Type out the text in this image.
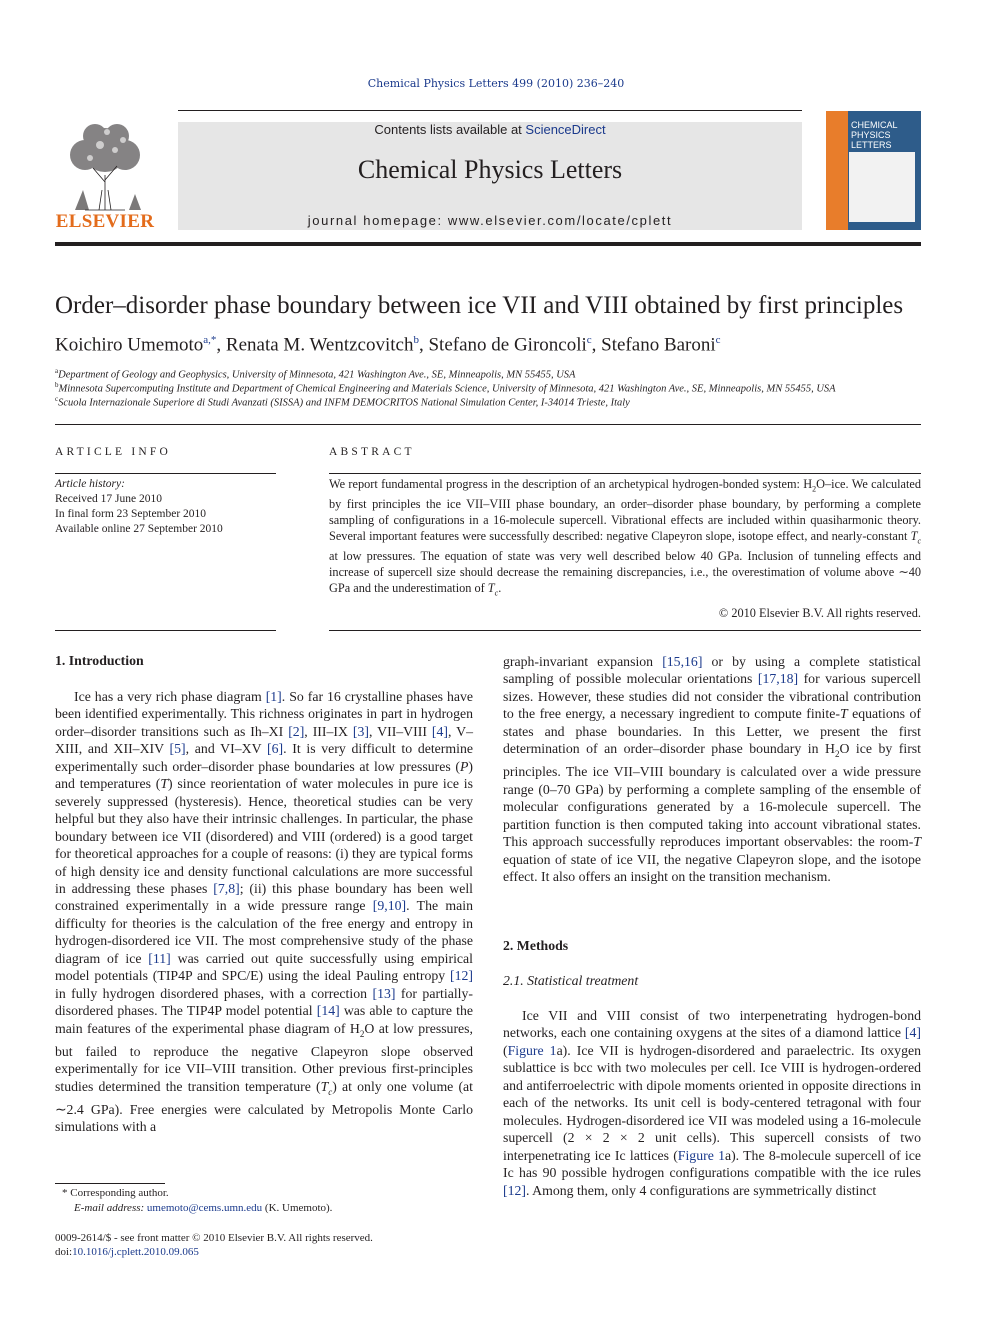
Chemical Physics Letters 499 (2010) 236–240
ELSEVIER
Contents lists available at ScienceDirect
Chemical Physics Letters
journal homepage: www.elsevier.com/locate/cplett
CHEMICAL
PHYSICS
LETTERS
Order–disorder phase boundary between ice VII and VIII obtained by first principles
Koichiro Umemoto$^{a,*}$, Renata M. Wentzcovitch$^b$, Stefano de Gironcoli$^c$, Stefano Baroni$^c$
$^a$Department of Geology and Geophysics, University of Minnesota, 421 Washington Ave., SE, Minneapolis, MN 55455, USA
$^b$Minnesota Supercomputing Institute and Department of Chemical Engineering and Materials Science, University of Minnesota, 421 Washington Ave., SE, Minneapolis, MN 55455, USA
$^c$Scuola Internazionale Superiore di Studi Avanzati (SISSA) and INFM DEMOCRITOS National Simulation Center, I-34014 Trieste, Italy
ARTICLE INFO
Article history:
Received 17 June 2010
In final form 23 September 2010
Available online 27 September 2010
ABSTRACT
We report fundamental progress in the description of an archetypical hydrogen-bonded system: $H_2O$–ice. We calculated by first principles the ice VII–VIII phase boundary, an order–disorder phase boundary, by performing a complete sampling of configurations in a 16-molecule supercell. Vibrational effects are included within quasiharmonic theory. Several important features were successfully described: negative Clapeyron slope, isotope effect, and nearly-constant $T_c$ at low pressures. The equation of state was very well described below 40 GPa. Inclusion of tunneling effects and increase of supercell size should decrease the remaining discrepancies, i.e., the overestimation of volume above ∼40 GPa and the underestimation of $T_c$.
© 2010 Elsevier B.V. All rights reserved.
1. Introduction

Ice has a very rich phase diagram [1]. So far 16 crystalline phases have been identified experimentally. This richness originates in part in hydrogen order–disorder transitions such as Ih–XI [2], III–IX [3], VII–VIII [4], V–XIII, and XII–XIV [5], and VI–XV [6]. It is very difficult to determine experimentally such order–disorder phase boundaries at low pressures (P) and temperatures (T) since reorientation of water molecules in pure ice is severely suppressed (hysteresis). Hence, theoretical studies can be very helpful but they also have their intrinsic challenges. In particular, the phase boundary between ice VII (disordered) and VIII (ordered) is a good target for theoretical approaches for a couple of reasons: (i) they are typical forms of high density ice and density functional calculations are more successful in addressing these phases [7,8]; (ii) this phase boundary has been well constrained experimentally in a wide pressure range [9,10]. The main difficulty for theories is the calculation of the free energy and entropy in hydrogen-disordered ice VII. The most comprehensive study of the phase diagram of ice [11] was carried out quite successfully using empirical model potentials (TIP4P and SPC/E) using the ideal Pauling entropy [12] in fully hydrogen disordered phases, with a correction [13] for partially-disordered phases. The TIP4P model potential [14] was able to capture the main features of the experimental phase diagram of $H_2O$ at low pressures, but failed to reproduce the negative Clapeyron slope observed experimentally for ice VII–VIII transition. Other previous first-principles studies determined the transition temperature $(T_c)$ at only one volume (at ∼2.4 GPa). Free energies were calculated by Metropolis Monte Carlo simulations with a

* Corresponding author.
E-mail address: umemoto@cems.umn.edu (K. Umemoto).
0009-2614/$ - see front matter © 2010 Elsevier B.V. All rights reserved.
doi:10.1016/j.cplett.2010.09.065

graph-invariant expansion [15,16] or by using a complete statistical sampling of possible molecular orientations [17,18] for various supercell sizes. However, these studies did not consider the vibrational contribution to the free energy, a necessary ingredient to compute finite-T equations of states and phase boundaries. In this Letter, we present the first determination of an order–disorder phase boundary in $H_2O$ ice by first principles. The ice VII–VIII boundary is calculated over a wide pressure range (0–70 GPa) by performing a complete sampling of the ensemble of molecular configurations generated by a 16-molecule supercell. The partition function is then computed taking into account vibrational states. This approach successfully reproduces important observables: the room-T equation of state of ice VII, the negative Clapeyron slope, and the isotope effect. It also offers an insight on the transition mechanism.

2. Methods
2.1. Statistical treatment

Ice VII and VIII consist of two interpenetrating hydrogen-bond networks, each one containing oxygens at the sites of a diamond lattice [4] (Figure 1a). Ice VII is hydrogen-disordered and paraelectric. Its oxygen sublattice is bcc with two molecules per cell. Ice VIII is hydrogen-ordered and antiferroelectric with dipole moments oriented in opposite directions in each of the networks. Its unit cell is body-centered tetragonal with four molecules. Hydrogen-disordered ice VII was modeled using a 16-molecule supercell (2 × 2 × 2 unit cells). This supercell consists of two interpenetrating ice Ic lattices (Figure 1a). The 8-molecule supercell of ice Ic has 90 possible hydrogen configurations compatible with the ice rules [12]. Among them, only 4 configurations are symmetrically distinct
